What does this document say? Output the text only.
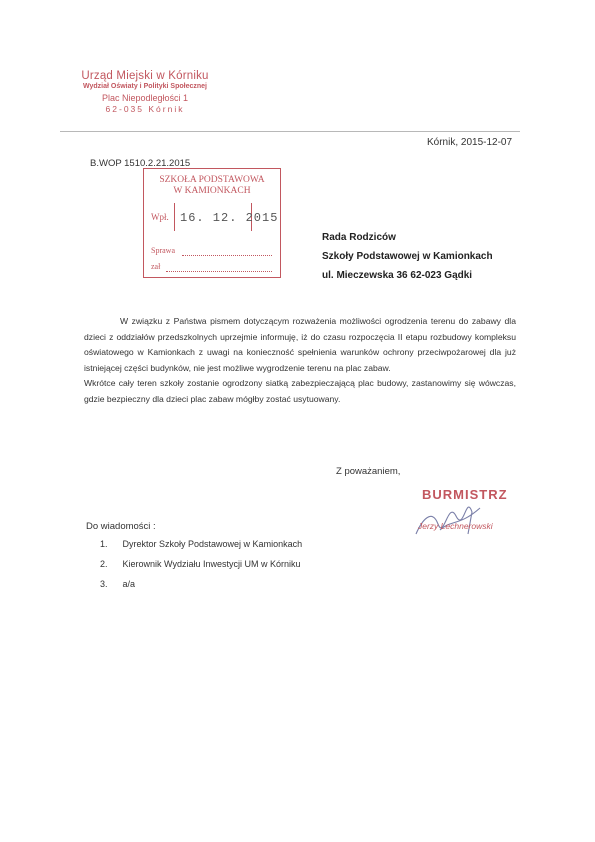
Urząd Miejski w Kórniku
Wydział Oświaty i Polityki Społecznej
Plac Niepodległości 1
62-035 Kórnik
Kórnik, 2015-12-07
B.WOP 1510.2.21.2015
SZKOŁA PODSTAWOWA
W KAMIONKACH
Wpł. 16. 12. 2015
Sprawa
zał
Rada Rodziców
Szkoły Podstawowej w Kamionkach
ul. Mieczewska 36 62-023 Gądki

W związku z Państwa pismem dotyczącym rozważenia możliwości ogrodzenia terenu do zabawy dla dzieci z oddziałów przedszkolnych uprzejmie informuję, iż do czasu rozpoczęcia II etapu rozbudowy kompleksu oświatowego w Kamionkach z uwagi na konieczność spełnienia warunków ochrony przeciwpożarowej dla już istniejącej części budynków, nie jest możliwe wygrodzenie terenu na plac zabaw.

Wkrótce cały teren szkoły zostanie ogrodzony siatką zabezpieczającą plac budowy, zastanowimy się wówczas, gdzie bezpieczny dla dzieci plac zabaw mógłby zostać usytuowany.

Z poważaniem,
BURMISTRZ
Jerzy Lechnerowski
Do wiadomości :
1. Dyrektor Szkoły Podstawowej w Kamionkach
2. Kierownik Wydziału Inwestycji UM w Kórniku
3. a/a
